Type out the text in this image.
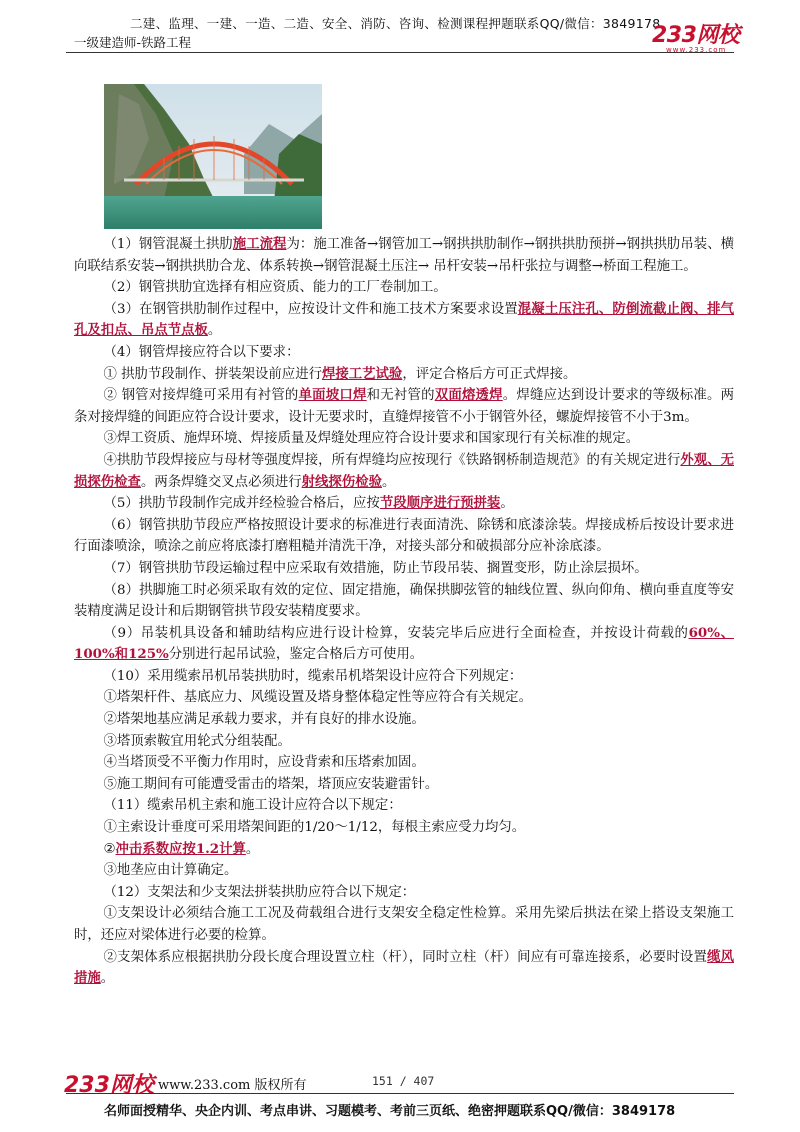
二建、监理、一建、一造、二造、安全、消防、咨询、检测课程押题联系QQ/微信：3849178
233网校
www.233.com
一级建造师-铁路工程

（1）钢管混凝土拱肋施工流程为：施工准备→钢管加工→钢拱拱肋制作→钢拱拱肋预拼→钢拱拱肋吊装、横向联结系安装→钢拱拱肋合龙、体系转换→钢管混凝土压注→ 吊杆安装→吊杆张拉与调整→桥面工程施工。

（2）钢管拱肋宜选择有相应资质、能力的工厂卷制加工。

（3）在钢管拱肋制作过程中，应按设计文件和施工技术方案要求设置混凝土压注孔、防倒流截止阀、排气孔及扣点、吊点节点板。

（4）钢管焊接应符合以下要求：

① 拱肋节段制作、拼装架设前应进行焊接工艺试验，评定合格后方可正式焊接。

② 钢管对接焊缝可采用有衬管的单面坡口焊和无衬管的双面熔透焊。焊缝应达到设计要求的等级标准。两条对接焊缝的间距应符合设计要求，设计无要求时，直缝焊接管不小于钢管外径，螺旋焊接管不小于3m。

③焊工资质、施焊环境、焊接质量及焊缝处理应符合设计要求和国家现行有关标准的规定。

④拱肋节段焊接应与母材等强度焊接，所有焊缝均应按现行《铁路钢桥制造规范》的有关规定进行外观、无损探伤检查。两条焊缝交叉点必须进行射线探伤检验。

（5）拱肋节段制作完成并经检验合格后，应按节段顺序进行预拼装。

（6）钢管拱肋节段应严格按照设计要求的标准进行表面清洗、除锈和底漆涂装。焊接成桥后按设计要求进行面漆喷涂，喷涂之前应将底漆打磨粗糙并清洗干净，对接头部分和破损部分应补涂底漆。

（7）钢管拱肋节段运输过程中应采取有效措施，防止节段吊装、搁置变形，防止涂层损坏。

（8）拱脚施工时必须采取有效的定位、固定措施，确保拱脚弦管的轴线位置、纵向仰角、横向垂直度等安装精度满足设计和后期钢管拱节段安装精度要求。

（9）吊装机具设备和辅助结构应进行设计检算，安装完毕后应进行全面检查，并按设计荷载的60%、100%和125%分别进行起吊试验，鉴定合格后方可使用。

（10）采用缆索吊机吊装拱肋时，缆索吊机塔架设计应符合下列规定：

①塔架杆件、基底应力、风缆设置及塔身整体稳定性等应符合有关规定。

②塔架地基应满足承载力要求，并有良好的排水设施。

③塔顶索鞍宜用轮式分组装配。

④当塔顶受不平衡力作用时，应设背索和压塔索加固。

⑤施工期间有可能遭受雷击的塔架，塔顶应安装避雷针。

（11）缆索吊机主索和施工设计应符合以下规定：

①主索设计垂度可采用塔架间距的1/20～1/12，每根主索应受力均匀。

②冲击系数应按1.2计算。

③地垄应由计算确定。

（12）支架法和少支架法拼装拱肋应符合以下规定：

①支架设计必须结合施工工况及荷载组合进行支架安全稳定性检算。采用先梁后拱法在梁上搭设支架施工时，还应对梁体进行必要的检算。

②支架体系应根据拱肋分段长度合理设置立柱（杆），同时立柱（杆）间应有可靠连接系，必要时设置缆风措施。

233网校 www.233.com 版权所有	151 / 407
名师面授精华、央企内训、考点串讲、习题模考、考前三页纸、绝密押题联系QQ/微信：3849178
